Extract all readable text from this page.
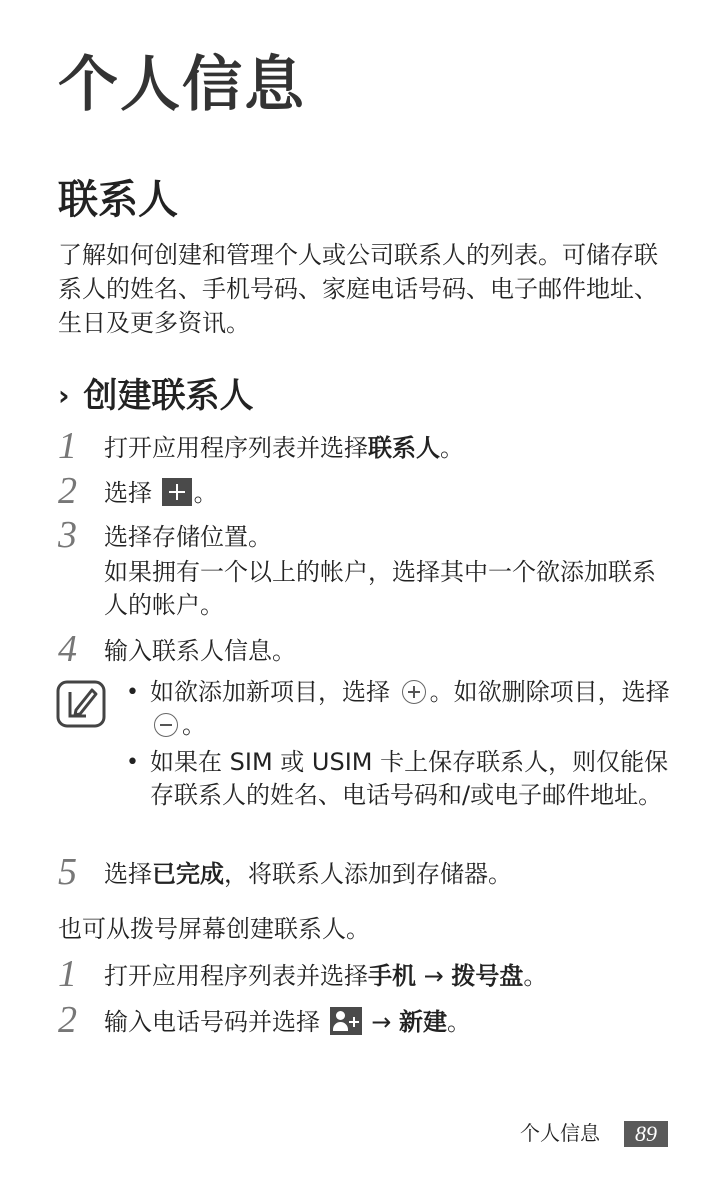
个人信息
联系人
了解如何创建和管理个人或公司联系人的列表。可储存联系人的姓名、手机号码、家庭电话号码、电子邮件地址、生日及更多资讯。
› 创建联系人
1 打开应用程序列表并选择联系人。
2 选择 。
3 选择存储位置。
如果拥有一个以上的帐户，选择其中一个欲添加联系人的帐户。
4 输入联系人信息。
• 如欲添加新项目，选择 。如欲删除项目，选择 。
• 如果在 SIM 或 USIM 卡上保存联系人，则仅能保存联系人的姓名、电话号码和/或电子邮件地址。
5 选择已完成，将联系人添加到存储器。
也可从拨号屏幕创建联系人。
1 打开应用程序列表并选择手机 → 拨号盘。
2 输入电话号码并选择
→ 新建。
个人信息	89
